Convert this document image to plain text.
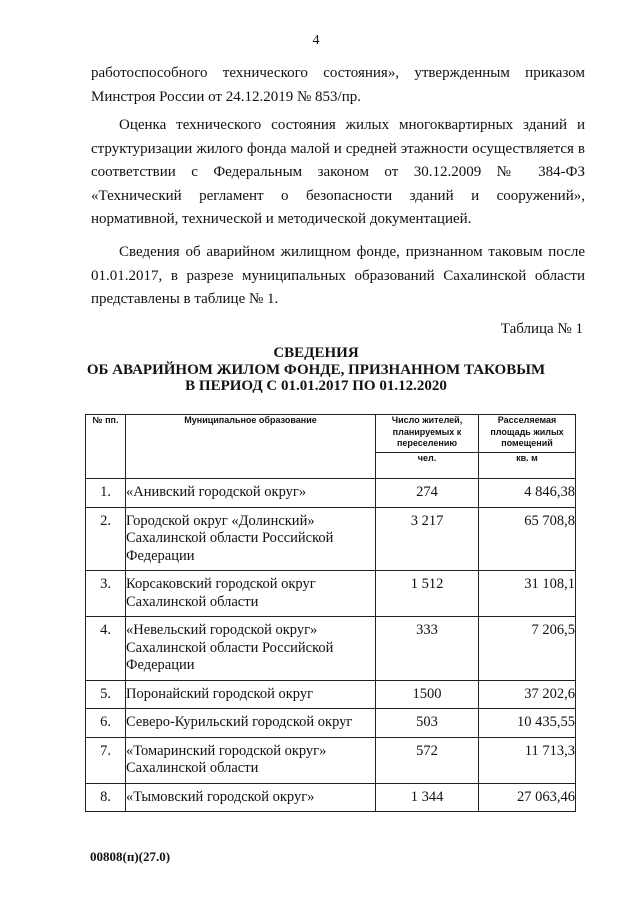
4
работоспособного технического состояния», утвержденным приказом Минстроя России от 24.12.2019 № 853/пр.
Оценка технического состояния жилых многоквартирных зданий и структуризации жилого фонда малой и средней этажности осуществляется в соответствии с Федеральным законом от 30.12.2009 № 384-ФЗ «Технический регламент о безопасности зданий и сооружений», нормативной, технической и методической документацией.
Сведения об аварийном жилищном фонде, признанном таковым после 01.01.2017, в разрезе муниципальных образований Сахалинской области представлены в таблице № 1.
Таблица № 1
СВЕДЕНИЯ
ОБ АВАРИЙНОМ ЖИЛОМ ФОНДЕ, ПРИЗНАННОМ ТАКОВЫМ
В ПЕРИОД С 01.01.2017 ПО 01.12.2020
№ пп.	Муниципальное образование	Число жителей, планируемых к переселению	Расселяемая площадь жилых помещений
		чел.	кв. м
1.	«Анивский городской округ»	274	4 846,38
2.	Городской округ «Долинский» Сахалинской области Российской Федерации	3 217	65 708,8
3.	Корсаковский городской округ Сахалинской области	1 512	31 108,1
4.	«Невельский городской округ» Сахалинской области Российской Федерации	333	7 206,5
5.	Поронайский городской округ	1500	37 202,6
6.	Северо-Курильский городской округ	503	10 435,55
7.	«Томаринский городской округ» Сахалинской области	572	11 713,3
8.	«Тымовский городской округ»	1 344	27 063,46
00808(п)(27.0)
